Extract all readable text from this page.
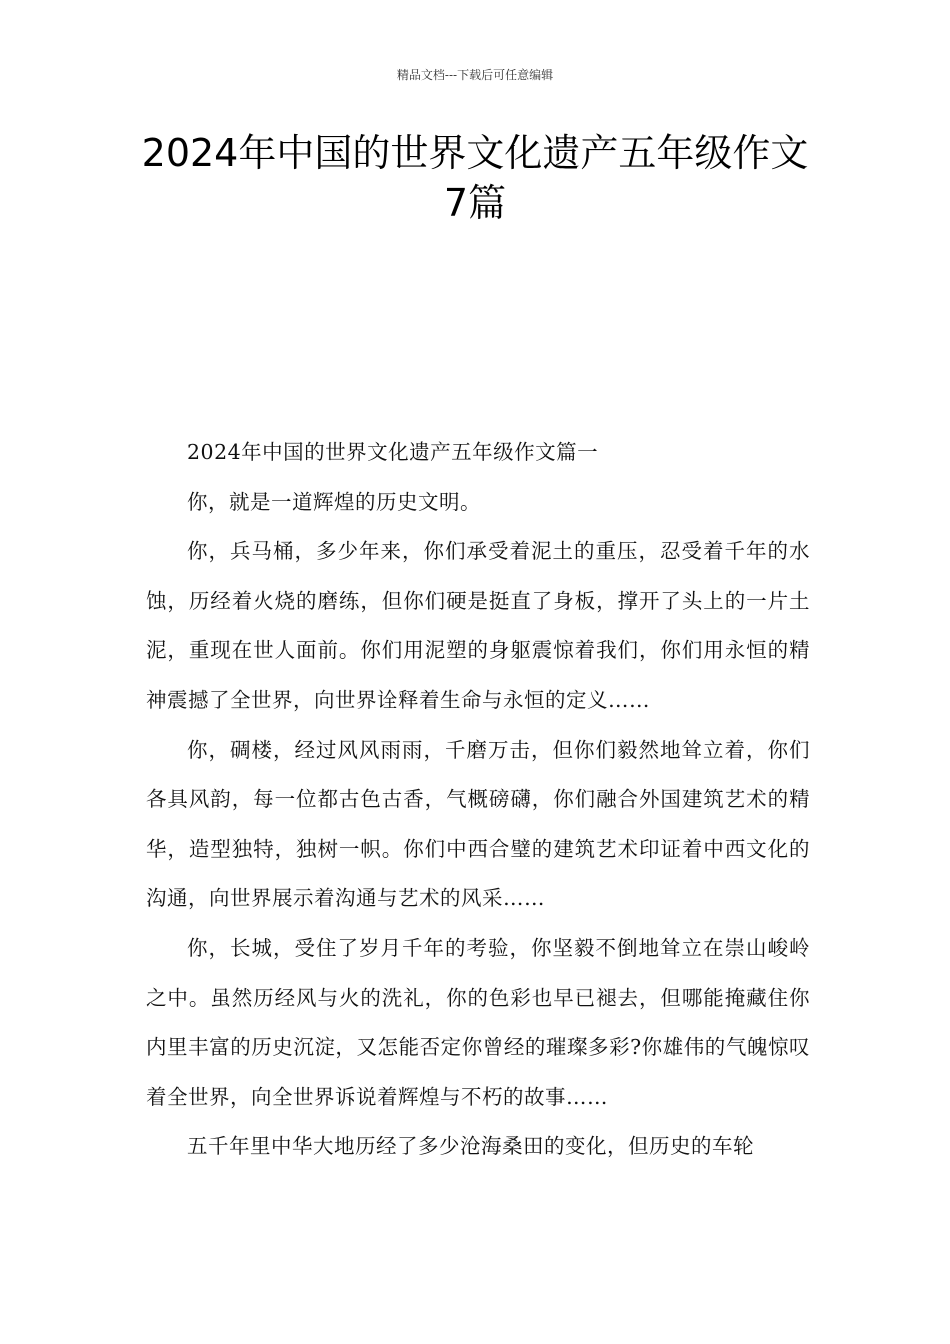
精品文档---下载后可任意编辑
2024年中国的世界文化遗产五年级作文
7篇

2024年中国的世界文化遗产五年级作文篇一

你，就是一道辉煌的历史文明。

你，兵马桶，多少年来，你们承受着泥土的重压，忍受着千年的水蚀，历经着火烧的磨练，但你们硬是挺直了身板，撑开了头上的一片土泥，重现在世人面前。你们用泥塑的身躯震惊着我们，你们用永恒的精神震撼了全世界，向世界诠释着生命与永恒的定义……

你，碉楼，经过风风雨雨，千磨万击，但你们毅然地耸立着，你们各具风韵，每一位都古色古香，气概磅礴，你们融合外国建筑艺术的精华，造型独特，独树一帜。你们中西合璧的建筑艺术印证着中西文化的沟通，向世界展示着沟通与艺术的风采……

你，长城，受住了岁月千年的考验，你坚毅不倒地耸立在崇山峻岭之中。虽然历经风与火的洗礼，你的色彩也早已褪去，但哪能掩藏住你内里丰富的历史沉淀，又怎能否定你曾经的璀璨多彩?你雄伟的气魄惊叹着全世界，向全世界诉说着辉煌与不朽的故事……

五千年里中华大地历经了多少沧海桑田的变化，但历史的车轮
